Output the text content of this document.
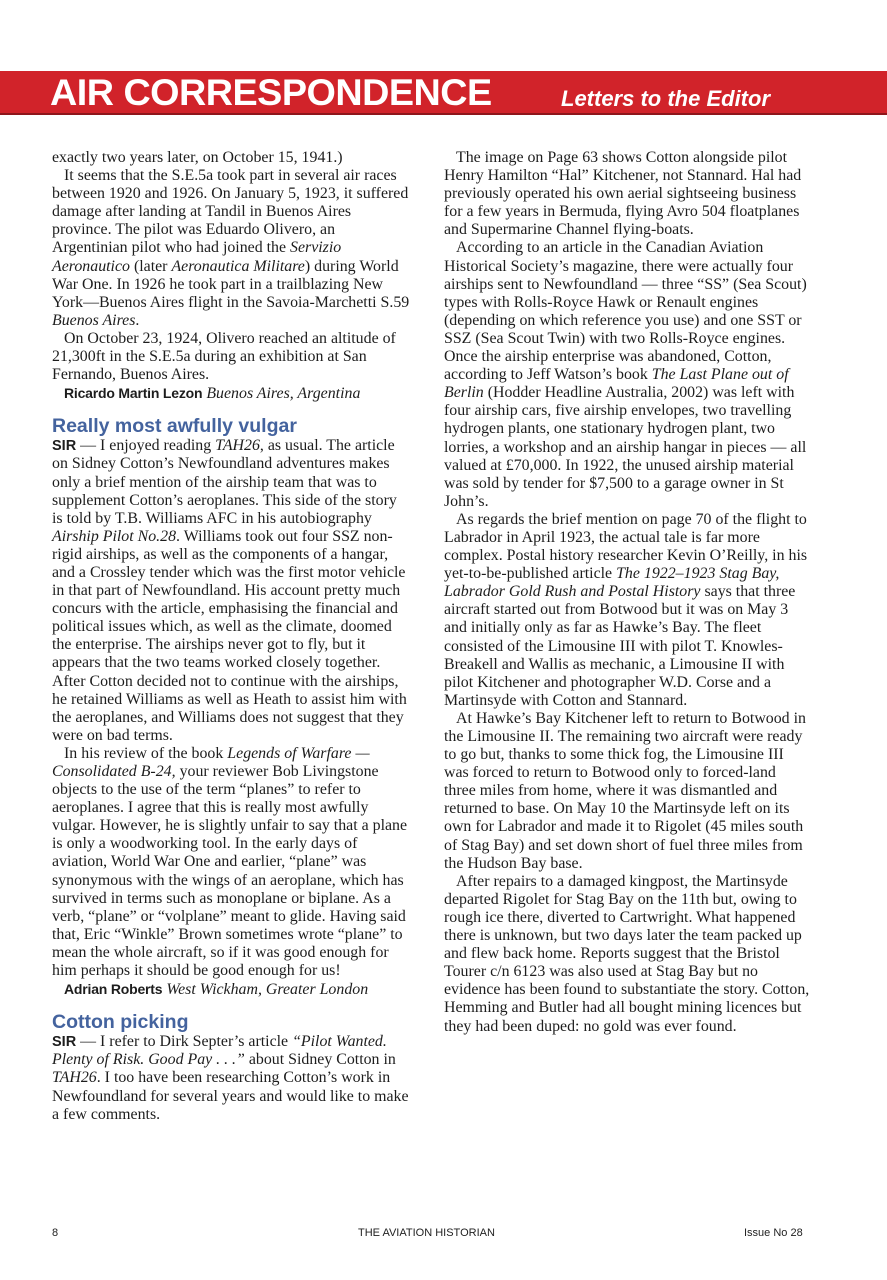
AIR CORRESPONDENCE	Letters to the Editor

exactly two years later, on October 15, 1941.)

It seems that the S.E.5a took part in several air races between 1920 and 1926. On January 5, 1923, it suffered damage after landing at Tandil in Buenos Aires province. The pilot was Eduardo Olivero, an Argentinian pilot who had joined the Servizio Aeronautico (later Aeronautica Militare) during World War One. In 1926 he took part in a trailblazing New York—Buenos Aires flight in the Savoia-Marchetti S.59 Buenos Aires.

On October 23, 1924, Olivero reached an altitude of 21,300ft in the S.E.5a during an exhibition at San Fernando, Buenos Aires.

Ricardo Martin Lezon Buenos Aires, Argentina

Really most awfully vulgar

SIR — I enjoyed reading TAH26, as usual. The article on Sidney Cotton’s Newfoundland adventures makes only a brief mention of the airship team that was to supplement Cotton’s aeroplanes. This side of the story is told by T.B. Williams AFC in his autobiography Airship Pilot No.28. Williams took out four SSZ non-rigid airships, as well as the components of a hangar, and a Crossley tender which was the first motor vehicle in that part of Newfoundland. His account pretty much concurs with the article, emphasising the financial and political issues which, as well as the climate, doomed the enterprise. The airships never got to fly, but it appears that the two teams worked closely together. After Cotton decided not to continue with the airships, he retained Williams as well as Heath to assist him with the aeroplanes, and Williams does not suggest that they were on bad terms.

In his review of the book Legends of Warfare — Consolidated B-24, your reviewer Bob Livingstone objects to the use of the term “planes” to refer to aeroplanes. I agree that this is really most awfully vulgar. However, he is slightly unfair to say that a plane is only a woodworking tool. In the early days of aviation, World War One and earlier, “plane” was synonymous with the wings of an aeroplane, which has survived in terms such as monoplane or biplane. As a verb, “plane” or “volplane” meant to glide. Having said that, Eric “Winkle” Brown sometimes wrote “plane” to mean the whole aircraft, so if it was good enough for him perhaps it should be good enough for us!

Adrian Roberts West Wickham, Greater London

Cotton picking

SIR — I refer to Dirk Septer’s article “Pilot Wanted. Plenty of Risk. Good Pay . . .” about Sidney Cotton in TAH26. I too have been researching Cotton’s work in Newfoundland for several years and would like to make a few comments.

The image on Page 63 shows Cotton alongside pilot Henry Hamilton “Hal” Kitchener, not Stannard. Hal had previously operated his own aerial sightseeing business for a few years in Bermuda, flying Avro 504 floatplanes and Supermarine Channel flying-boats.

According to an article in the Canadian Aviation Historical Society’s magazine, there were actually four airships sent to Newfoundland — three “SS” (Sea Scout) types with Rolls-Royce Hawk or Renault engines (depending on which reference you use) and one SST or SSZ (Sea Scout Twin) with two Rolls-Royce engines. Once the airship enterprise was abandoned, Cotton, according to Jeff Watson’s book The Last Plane out of Berlin (Hodder Headline Australia, 2002) was left with four airship cars, five airship envelopes, two travelling hydrogen plants, one stationary hydrogen plant, two lorries, a workshop and an airship hangar in pieces — all valued at £70,000. In 1922, the unused airship material was sold by tender for $7,500 to a garage owner in St John’s.

As regards the brief mention on page 70 of the flight to Labrador in April 1923, the actual tale is far more complex. Postal history researcher Kevin O’Reilly, in his yet-to-be-published article The 1922–1923 Stag Bay, Labrador Gold Rush and Postal History says that three aircraft started out from Botwood but it was on May 3 and initially only as far as Hawke’s Bay. The fleet consisted of the Limousine III with pilot T. Knowles-Breakell and Wallis as mechanic, a Limousine II with pilot Kitchener and photographer W.D. Corse and a Martinsyde with Cotton and Stannard.

At Hawke’s Bay Kitchener left to return to Botwood in the Limousine II. The remaining two aircraft were ready to go but, thanks to some thick fog, the Limousine III was forced to return to Botwood only to forced-land three miles from home, where it was dismantled and returned to base. On May 10 the Martinsyde left on its own for Labrador and made it to Rigolet (45 miles south of Stag Bay) and set down short of fuel three miles from the Hudson Bay base.

After repairs to a damaged kingpost, the Martinsyde departed Rigolet for Stag Bay on the 11th but, owing to rough ice there, diverted to Cartwright. What happened there is unknown, but two days later the team packed up and flew back home. Reports suggest that the Bristol Tourer c/n 6123 was also used at Stag Bay but no evidence has been found to substantiate the story. Cotton, Hemming and Butler had all bought mining licences but they had been duped: no gold was ever found.

8	THE AVIATION HISTORIAN	Issue No 28
